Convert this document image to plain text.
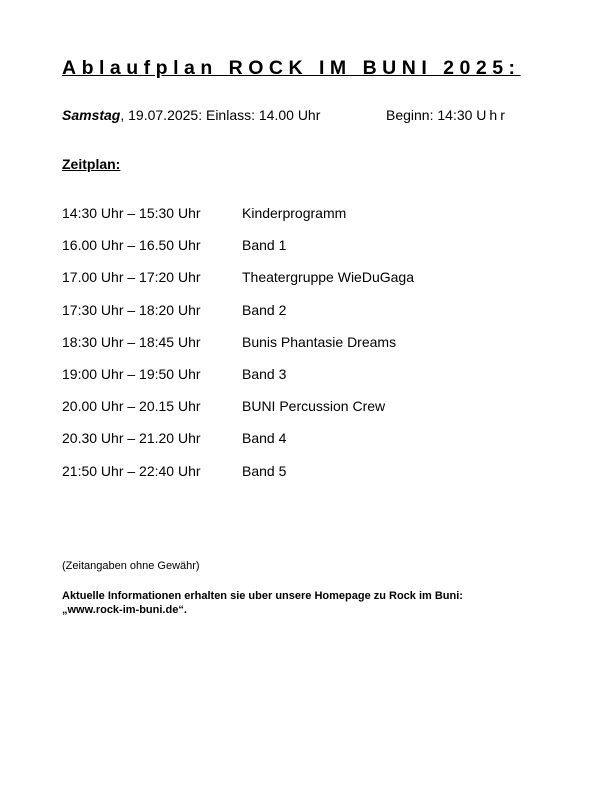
Ablaufplan ROCK IM BUNI 2025:
Samstag, 19.07.2025: Einlass: 14.00 Uhr	Beginn: 14:30 Uhr
Zeitplan:
14:30 Uhr – 15:30 Uhr	Kinderprogramm
16.00 Uhr – 16.50 Uhr	Band 1
17.00 Uhr – 17:20 Uhr	Theatergruppe WieDuGaga
17:30 Uhr – 18:20 Uhr	Band 2
18:30 Uhr – 18:45 Uhr	Bunis Phantasie Dreams
19:00 Uhr – 19:50 Uhr	Band 3
20.00 Uhr – 20.15 Uhr	BUNI Percussion Crew
20.30 Uhr – 21.20 Uhr	Band 4
21:50 Uhr – 22:40 Uhr	Band 5
(Zeitangaben ohne Gewähr)
Aktuelle Informationen erhalten sie uber unsere Homepage zu Rock im Buni:
„www.rock-im-buni.de“.
